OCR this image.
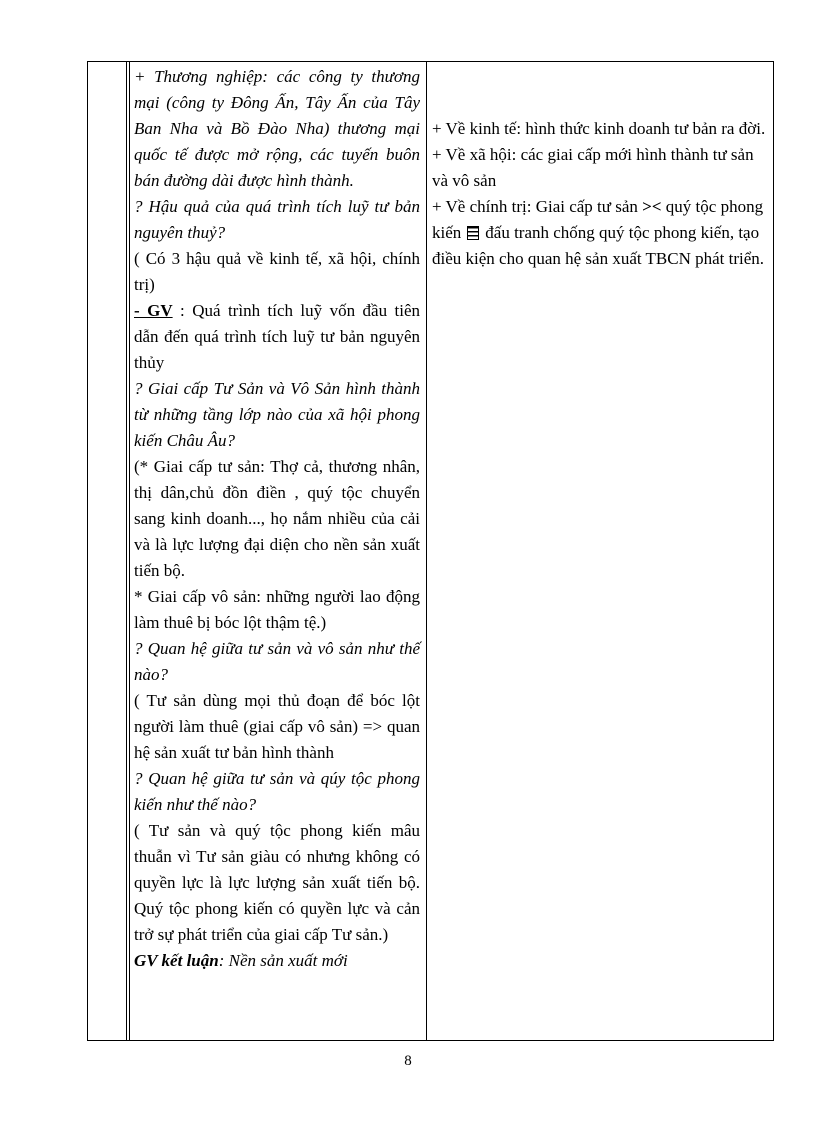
+ Thương nghiệp: các công ty thương mại (công ty Đông Ấn, Tây Ấn của Tây Ban Nha và Bồ Đào Nha) thương mại quốc tế được mở rộng, các tuyến buôn bán đường dài được hình thành.

? Hậu quả của quá trình tích luỹ tư bản nguyên thuỷ?

( Có 3 hậu quả về kinh tế, xã hội, chính trị)

- GV : Quá trình tích luỹ vốn đầu tiên dẫn đến quá trình tích luỹ tư bản nguyên thủy

? Giai cấp Tư Sản và Vô Sản hình thành từ những tầng lớp nào của xã hội phong kiến Châu Âu?

(* Giai cấp tư sản: Thợ cả, thương nhân, thị dân,chủ đồn điền , quý tộc chuyển sang kinh doanh..., họ nắm nhiều của cải và là lực lượng đại diện cho nền sản xuất tiến bộ.

* Giai cấp vô sản: những người lao động làm thuê bị bóc lột thậm tệ.)

? Quan hệ giữa tư sản và vô sản như thế nào?

( Tư sản dùng mọi thủ đoạn để bóc lột người làm thuê (giai cấp vô sản) => quan hệ sản xuất tư bản hình thành

? Quan hệ giữa tư sản và qúy tộc phong kiến như thế nào?

( Tư sản và quý tộc phong kiến mâu thuẫn vì Tư sản giàu có nhưng không có quyền lực là lực lượng sản xuất tiến bộ. Quý tộc phong kiến có quyền lực và cản trở sự phát triển của giai cấp Tư sản.)

GV kết luận: Nền sản xuất mới

+ Về kinh tế: hình thức kinh doanh tư bản ra đời.

+ Về xã hội: các giai cấp mới hình thành tư sản và vô sản

+ Về chính trị: Giai cấp tư sản >< quý tộc phong kiến đấu tranh chống quý tộc phong kiến, tạo điều kiện cho quan hệ sản xuất TBCN phát triển.

8
